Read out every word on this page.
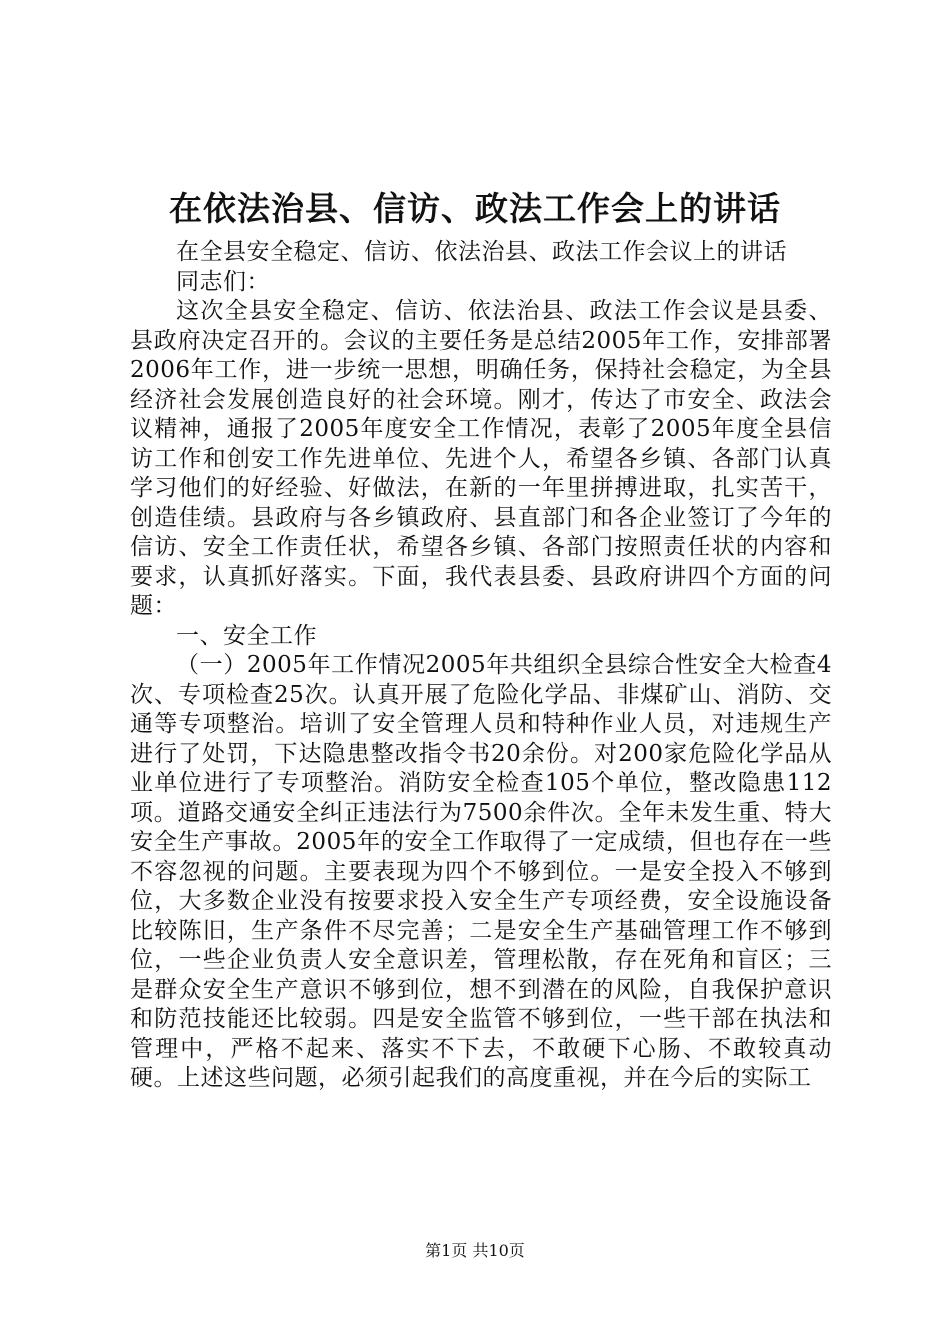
在依法治县、信访、政法工作会上的讲话

在全县安全稳定、信访、依法治县、政法工作会议上的讲话

同志们：

这次全县安全稳定、信访、依法治县、政法工作会议是县委、县政府决定召开的。会议的主要任务是总结2005年工作，安排部署2006年工作，进一步统一思想，明确任务，保持社会稳定，为全县经济社会发展创造良好的社会环境。刚才，传达了市安全、政法会议精神，通报了2005年度安全工作情况，表彰了2005年度全县信访工作和创安工作先进单位、先进个人，希望各乡镇、各部门认真学习他们的好经验、好做法，在新的一年里拼搏进取，扎实苦干，创造佳绩。县政府与各乡镇政府、县直部门和各企业签订了今年的信访、安全工作责任状，希望各乡镇、各部门按照责任状的内容和要求，认真抓好落实。下面，我代表县委、县政府讲四个方面的问题：

一、安全工作

（一）2005年工作情况2005年共组织全县综合性安全大检查4次、专项检查25次。认真开展了危险化学品、非煤矿山、消防、交通等专项整治。培训了安全管理人员和特种作业人员，对违规生产进行了处罚，下达隐患整改指令书20余份。对200家危险化学品从业单位进行了专项整治。消防安全检查105个单位，整改隐患112项。道路交通安全纠正违法行为7500余件次。全年未发生重、特大安全生产事故。2005年的安全工作取得了一定成绩，但也存在一些不容忽视的问题。主要表现为四个不够到位。一是安全投入不够到位，大多数企业没有按要求投入安全生产专项经费，安全设施设备比较陈旧，生产条件不尽完善；二是安全生产基础管理工作不够到位，一些企业负责人安全意识差，管理松散，存在死角和盲区；三是群众安全生产意识不够到位，想不到潜在的风险，自我保护意识和防范技能还比较弱。四是安全监管不够到位，一些干部在执法和管理中，严格不起来、落实不下去，不敢硬下心肠、不敢较真动硬。上述这些问题，必须引起我们的高度重视，并在今后的实际工

第1页 共10页
